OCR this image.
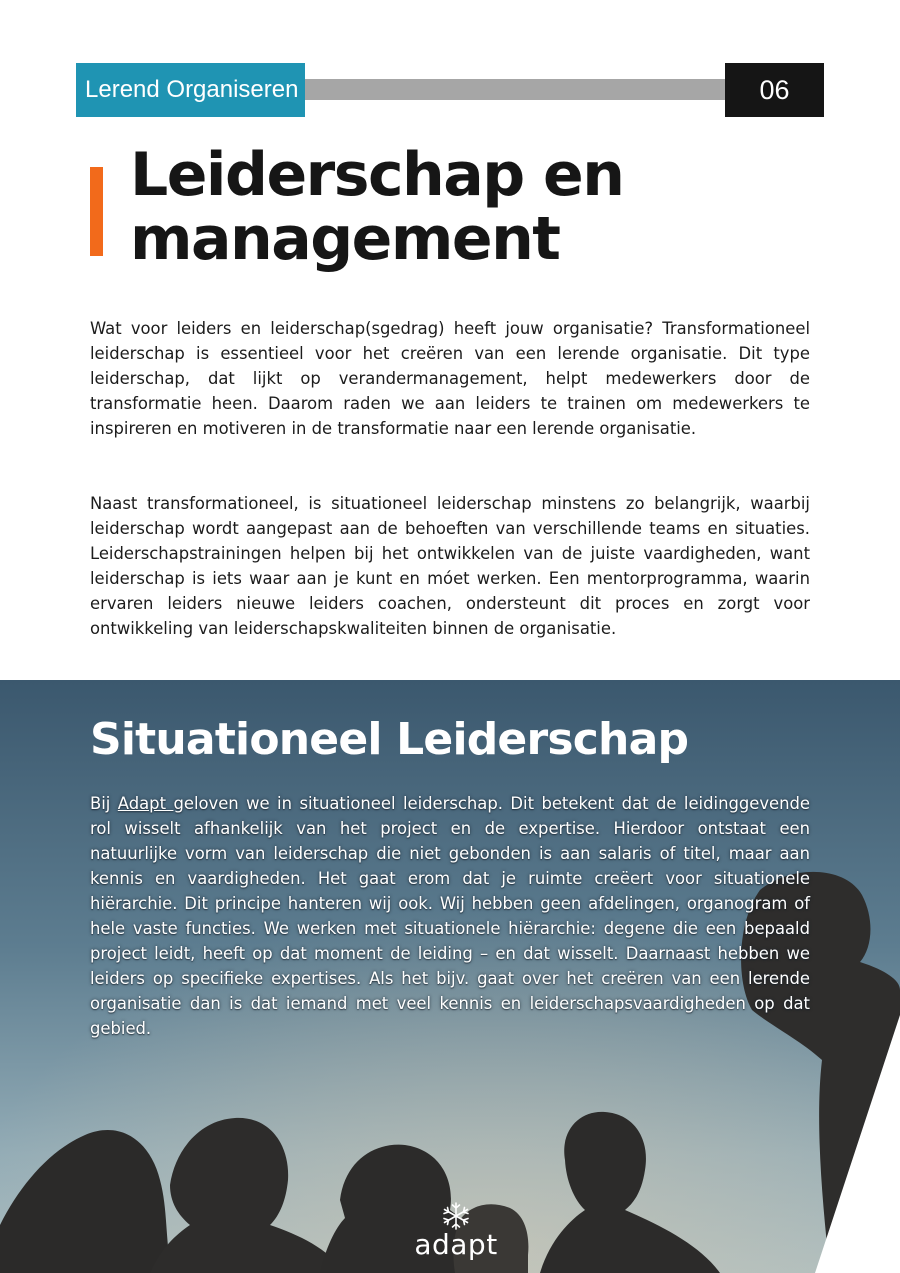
Lerend Organiseren	06
Leiderschap en
management

Wat voor leiders en leiderschap(sgedrag) heeft jouw organisatie? Transformationeel leiderschap is essentieel voor het creëren van een lerende organisatie. Dit type leiderschap, dat lijkt op verandermanagement, helpt medewerkers door de transformatie heen. Daarom raden we aan leiders te trainen om medewerkers te inspireren en motiveren in de transformatie naar een lerende organisatie.

Naast transformationeel, is situationeel leiderschap minstens zo belangrijk, waarbij leiderschap wordt aangepast aan de behoeften van verschillende teams en situaties. Leiderschapstrainingen helpen bij het ontwikkelen van de juiste vaardigheden, want leiderschap is iets waar aan je kunt en móet werken. Een mentorprogramma, waarin ervaren leiders nieuwe leiders coachen, ondersteunt dit proces en zorgt voor ontwikkeling van leiderschapskwaliteiten binnen de organisatie.

Situationeel Leiderschap

Bij Adapt geloven we in situationeel leiderschap. Dit betekent dat de leidinggevende rol wisselt afhankelijk van het project en de expertise. Hierdoor ontstaat een natuurlijke vorm van leiderschap die niet gebonden is aan salaris of titel, maar aan kennis en vaardigheden. Het gaat erom dat je ruimte creëert voor situationele hiërarchie. Dit principe hanteren wij ook. Wij hebben geen afdelingen, organogram of hele vaste functies. We werken met situationele hiërarchie: degene die een bepaald project leidt, heeft op dat moment de leiding – en dat wisselt. Daarnaast hebben we leiders op specifieke expertises. Als het bijv. gaat over het creëren van een lerende organisatie dan is dat iemand met veel kennis en leiderschapsvaardigheden op dat gebied.

adapt
